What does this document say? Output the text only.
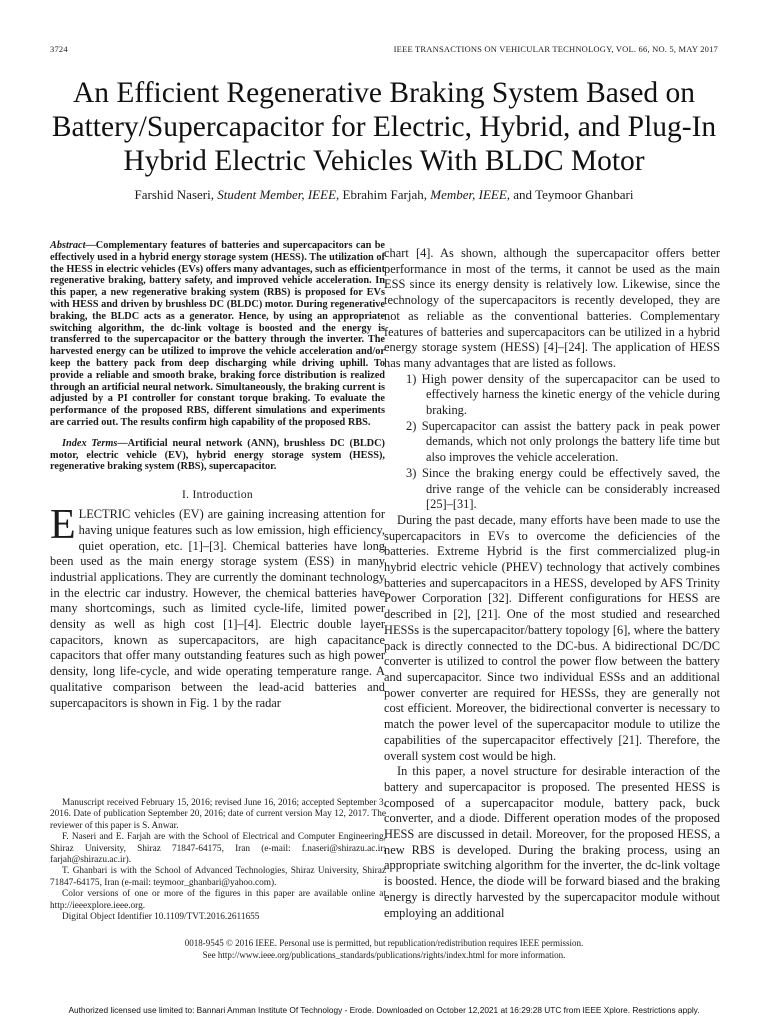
3724	IEEE TRANSACTIONS ON VEHICULAR TECHNOLOGY, VOL. 66, NO. 5, MAY 2017
An Efficient Regenerative Braking System Based on Battery/Supercapacitor for Electric, Hybrid, and Plug-In Hybrid Electric Vehicles With BLDC Motor
Farshid Naseri, Student Member, IEEE, Ebrahim Farjah, Member, IEEE, and Teymoor Ghanbari

Abstract—Complementary features of batteries and supercapacitors can be effectively used in a hybrid energy storage system (HESS). The utilization of the HESS in electric vehicles (EVs) offers many advantages, such as efficient regenerative braking, battery safety, and improved vehicle acceleration. In this paper, a new regenerative braking system (RBS) is proposed for EVs with HESS and driven by brushless DC (BLDC) motor. During regenerative braking, the BLDC acts as a generator. Hence, by using an appropriate switching algorithm, the dc-link voltage is boosted and the energy is transferred to the supercapacitor or the battery through the inverter. The harvested energy can be utilized to improve the vehicle acceleration and/or keep the battery pack from deep discharging while driving uphill. To provide a reliable and smooth brake, braking force distribution is realized through an artificial neural network. Simultaneously, the braking current is adjusted by a PI controller for constant torque braking. To evaluate the performance of the proposed RBS, different simulations and experiments are carried out. The results confirm high capability of the proposed RBS.

Index Terms—Artificial neural network (ANN), brushless DC (BLDC) motor, electric vehicle (EV), hybrid energy storage system (HESS), regenerative braking system (RBS), supercapacitor.

I. Introduction

ELECTRIC vehicles (EV) are gaining increasing attention for having unique features such as low emission, high efficiency, quiet operation, etc. [1]–[3]. Chemical batteries have long been used as the main energy storage system (ESS) in many industrial applications. They are currently the dominant technology in the electric car industry. However, the chemical batteries have many shortcomings, such as limited cycle-life, limited power density as well as high cost [1]–[4]. Electric double layer capacitors, known as supercapacitors, are high capacitance capacitors that offer many outstanding features such as high power density, long life-cycle, and wide operating temperature range. A qualitative comparison between the lead-acid batteries and supercapacitors is shown in Fig. 1 by the radar

chart [4]. As shown, although the supercapacitor offers better performance in most of the terms, it cannot be used as the main ESS since its energy density is relatively low. Likewise, since the technology of the supercapacitors is recently developed, they are not as reliable as the conventional batteries. Complementary features of batteries and supercapacitors can be utilized in a hybrid energy storage system (HESS) [4]–[24]. The application of HESS has many advantages that are listed as follows.

1) High power density of the supercapacitor can be used to effectively harness the kinetic energy of the vehicle during braking.
2) Supercapacitor can assist the battery pack in peak power demands, which not only prolongs the battery life time but also improves the vehicle acceleration.
3) Since the braking energy could be effectively saved, the drive range of the vehicle can be considerably increased [25]–[31].

During the past decade, many efforts have been made to use the supercapacitors in EVs to overcome the deficiencies of the batteries. Extreme Hybrid is the first commercialized plug-in hybrid electric vehicle (PHEV) technology that actively combines batteries and supercapacitors in a HESS, developed by AFS Trinity Power Corporation [32]. Different configurations for HESS are described in [2], [21]. One of the most studied and researched HESSs is the supercapacitor/battery topology [6], where the battery pack is directly connected to the DC-bus. A bidirectional DC/DC converter is utilized to control the power flow between the battery and supercapacitor. Since two individual ESSs and an additional power converter are required for HESSs, they are generally not cost efficient. Moreover, the bidirectional converter is necessary to match the power level of the supercapacitor module to utilize the capabilities of the supercapacitor effectively [21]. Therefore, the overall system cost would be high.

In this paper, a novel structure for desirable interaction of the battery and supercapacitor is proposed. The presented HESS is composed of a supercapacitor module, battery pack, buck converter, and a diode. Different operation modes of the proposed HESS are discussed in detail. Moreover, for the proposed HESS, a new RBS is developed. During the braking process, using an appropriate switching algorithm for the inverter, the dc-link voltage is boosted. Hence, the diode will be forward biased and the braking energy is directly harvested by the supercapacitor module without employing an additional

Manuscript received February 15, 2016; revised June 16, 2016; accepted September 3, 2016. Date of publication September 20, 2016; date of current version May 12, 2017. The reviewer of this paper is S. Anwar.

F. Naseri and E. Farjah are with the School of Electrical and Computer Engineering, Shiraz University, Shiraz 71847-64175, Iran (e-mail: f.naseri@shirazu.ac.ir; farjah@shirazu.ac.ir).

T. Ghanbari is with the School of Advanced Technologies, Shiraz University, Shiraz 71847-64175, Iran (e-mail: teymoor_ghanbari@yahoo.com).

Color versions of one or more of the figures in this paper are available online at http://ieeexplore.ieee.org.

Digital Object Identifier 10.1109/TVT.2016.2611655

0018-9545 © 2016 IEEE. Personal use is permitted, but republication/redistribution requires IEEE permission.
See http://www.ieee.org/publications_standards/publications/rights/index.html for more information.
Authorized licensed use limited to: Bannari Amman Institute Of Technology - Erode. Downloaded on October 12,2021 at 16:29:28 UTC from IEEE Xplore. Restrictions apply.
